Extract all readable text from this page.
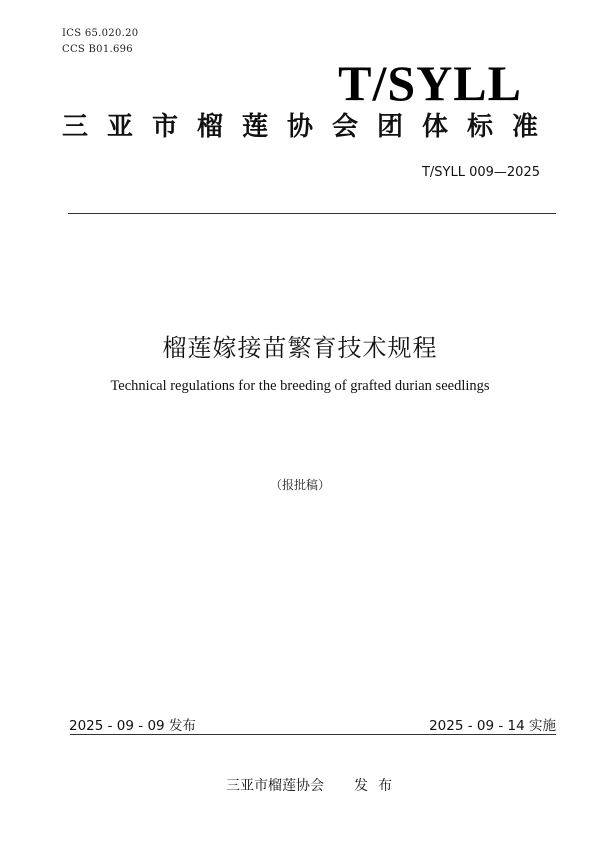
ICS 65.020.20
CCS B01.696
T/SYLL
三亚市榴莲协会团体标准
T/SYLL 009—2025
榴莲嫁接苗繁育技术规程
Technical regulations for the breeding of grafted durian seedlings
（报批稿）
2025 - 09 - 09 发布	2025 - 09 - 14 实施
三亚市榴莲协会 发布
